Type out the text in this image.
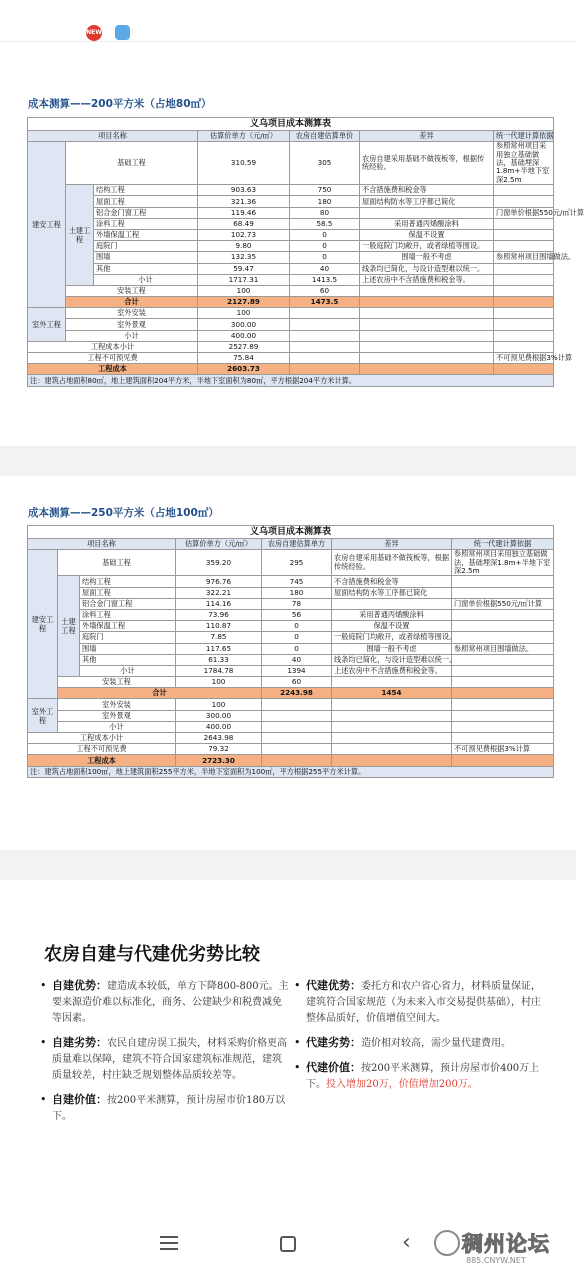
NEW
成本测算——200平方米（占地80㎡）
义乌项目成本测算表						
项目名称			估算价单方（元/㎡）	农房自建估算单价	差异	统一代建计算依据
建安工程	基础工程		310.59	305	农房自建采用基础不做筏板等，根据传统经验。	参照常州项目采用独立基础做法，基础埋深1.8m+半地下室深2.5m
	土建工程	结构工程	903.63	750	不含措施费和税金等	
		屋面工程	321.36	180	屋面结构防水等工序都已简化	
		铝合金门窗工程	119.46	80		门窗单价根据550元/㎡计算
		涂料工程	68.49	58.5	采用普通丙烯酸涂料	
		外墙保温工程	102.73	0	保温不设置	
		庭院门	9.80	0	一般庭院门均敞开，或者绿植等围设。	
		围墙	132.35	0	围墙一般不考虑	参照常州项目围墙做法。
		其他	59.47	40	线条均已简化，与设计造型难以统一。	
		小计	1717.31	1413.5	上述农房中不含措施费和税金等。	
	安装工程		100	60		
	合计		2127.89	1473.5		
室外工程	室外安装		100			
	室外景观		300.00			
	小计		400.00			
工程成本小计			2527.89			
工程不可预见费			75.84			不可预见费根据3%计算
工程成本			2603.73			
注：建筑占地面积80㎡，地上建筑面积204平方米，半地下室面积为80㎡，平方根据204平方米计算。						
成本测算——250平方米（占地100㎡）
义乌项目成本测算表							
项目名称			估算价单方（元/㎡）	农房自建估算单方	差异	统一代建计算依据	
建安工程	基础工程		359.20	295	农房自建采用基础不做筏板等，根据传统经验。	参照常州项目采用独立基础做法，基础埋深1.8m+半地下室深2.5m	
	土建工程	结构工程	976.76	745	不含措施费和税金等		
		屋面工程	322.21	180	屋面结构防水等工序都已简化		
		铝合金门窗工程	114.16	78		门窗单价根据550元/㎡计算	
		涂料工程	73.96	56	采用普通丙烯酸涂料		
		外墙保温工程	110.87	0	保温不设置		
		庭院门	7.85	0	一般庭院门均敞开，或者绿植等围设。		
		围墙	117.65	0	围墙一般不考虑	参照常州项目围墙做法。	
		其他	61.33	40	线条均已简化，与设计造型难以统一。		
		小计	1784.78	1394	上述农房中不含措施费和税金等。		
	安装工程		100	60			
	合计			2243.98	1454		
室外工程	室外安装		100				
	室外景观		300.00				
	小计		400.00				
工程成本小计			2643.98				
工程不可预见费			79.32			不可预见费根据3%计算	
工程成本			2723.30				
注：建筑占地面积100㎡，地上建筑面积255平方米，半地下室面积为100㎡，平方根据255平方米计算。							
农房自建与代建优劣势比较
• 自建优势：建造成本较低，单方下降800-800元。主要来源造价难以标准化，商务、公建缺少和税费减免等因素。
• 自建劣势：农民自建房误工损失，材料采购价格更高质量难以保障，建筑不符合国家建筑标准规范，建筑质量较差，村庄缺乏规划整体品质较差等。
• 自建价值：按200平米测算，预计房屋市价180万以下。
• 代建优势：委托方和农户省心省力，材料质量保证，建筑符合国家规范（为未来入市交易提供基础），村庄整体品质好，价值增值空间大。
• 代建劣势：造价相对较高，需少量代建费用。
• 代建价值：按200平米测算，预计房屋市价400万上下。投入增加20万，价值增加200万。
‹ 稠州论坛
885.CNYW.NET
